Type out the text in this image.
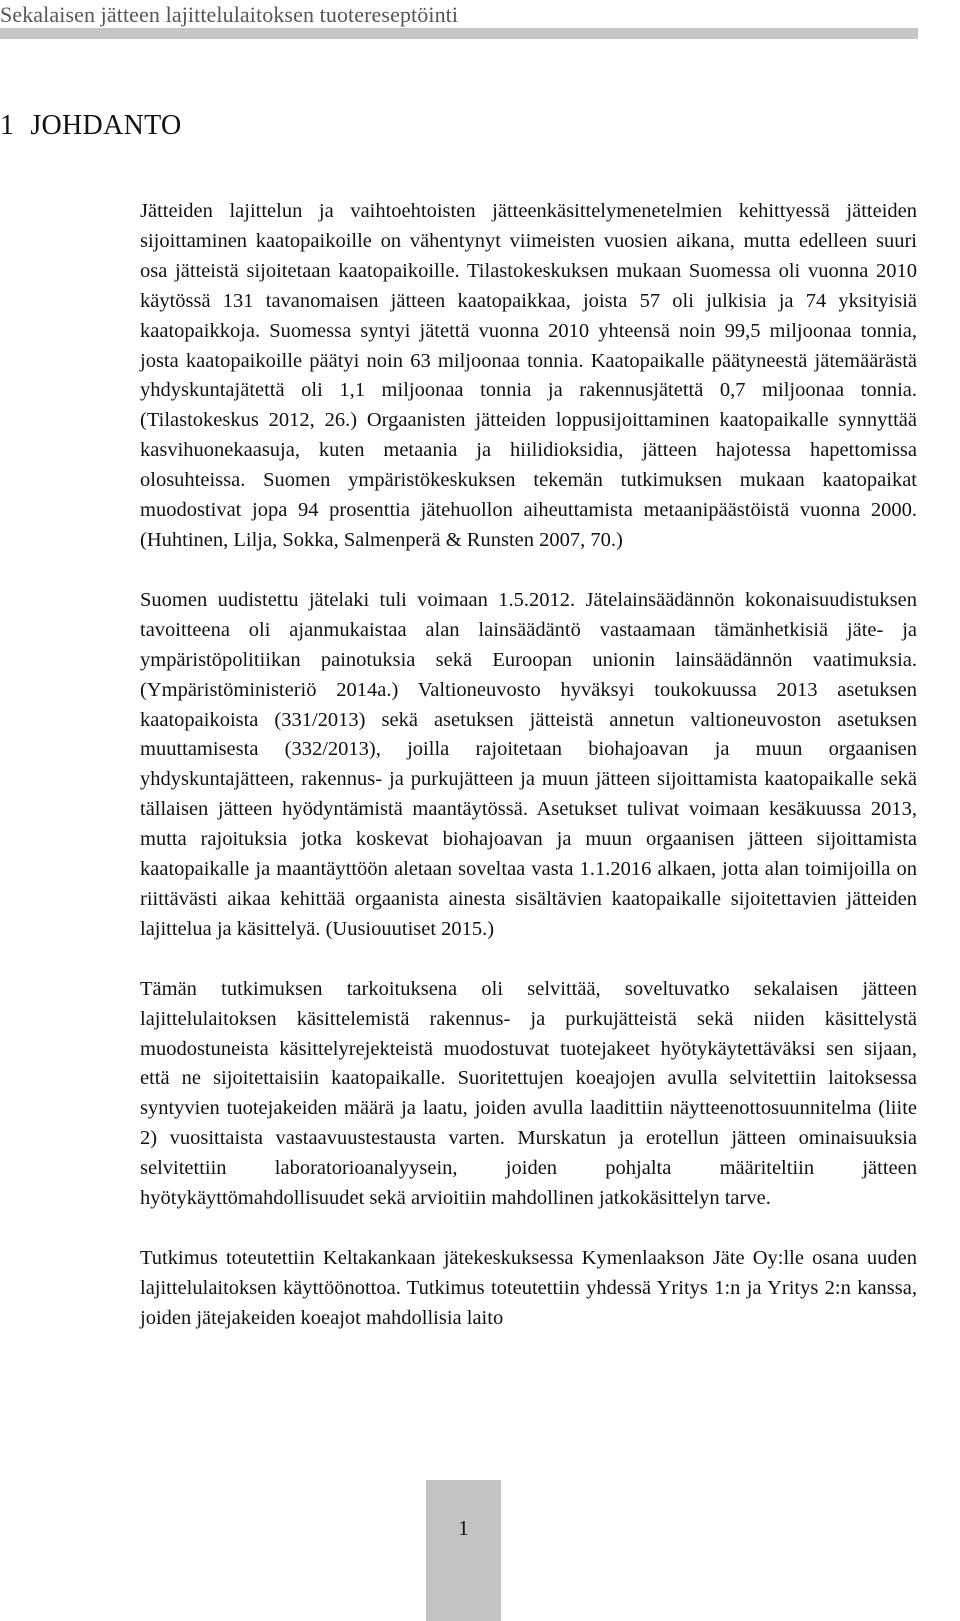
Sekalaisen jätteen lajittelulaitoksen tuotereseptöinti
1 JOHDANTO

Jätteiden lajittelun ja vaihtoehtoisten jätteenkäsittelymenetelmien kehittyessä jätteiden sijoittaminen kaatopaikoille on vähentynyt viimeisten vuosien aikana, mutta edelleen suuri osa jätteistä sijoitetaan kaatopaikoille. Tilastokeskuksen mukaan Suomessa oli vuonna 2010 käytössä 131 tavanomaisen jätteen kaatopaikkaa, joista 57 oli julkisia ja 74 yksityisiä kaatopaikkoja. Suomessa syntyi jätettä vuonna 2010 yhteensä noin 99,5 miljoonaa tonnia, josta kaatopaikoille päätyi noin 63 miljoonaa tonnia. Kaatopaikalle päätyneestä jätemäärästä yhdyskuntajätettä oli 1,1 miljoonaa tonnia ja rakennusjätettä 0,7 miljoonaa tonnia. (Tilastokeskus 2012, 26.) Orgaanisten jätteiden loppusijoittaminen kaatopaikalle synnyttää kasvihuonekaasuja, kuten metaania ja hiilidioksidia, jätteen hajotessa hapettomissa olosuhteissa. Suomen ympäristökeskuksen tekemän tutkimuksen mukaan kaatopaikat muodostivat jopa 94 prosenttia jätehuollon aiheuttamista metaanipäästöistä vuonna 2000. (Huhtinen, Lilja, Sokka, Salmenperä & Runsten 2007, 70.)

Suomen uudistettu jätelaki tuli voimaan 1.5.2012. Jätelainsäädännön kokonaisuudistuksen tavoitteena oli ajanmukaistaa alan lainsäädäntö vastaamaan tämänhetkisiä jäte- ja ympäristöpolitiikan painotuksia sekä Euroopan unionin lainsäädännön vaatimuksia. (Ympäristöministeriö 2014a.) Valtioneuvosto hyväksyi toukokuussa 2013 asetuksen kaatopaikoista (331/2013) sekä asetuksen jätteistä annetun valtioneuvoston asetuksen muuttamisesta (332/2013), joilla rajoitetaan biohajoavan ja muun orgaanisen yhdyskuntajätteen, rakennus- ja purkujätteen ja muun jätteen sijoittamista kaatopaikalle sekä tällaisen jätteen hyödyntämistä maantäytössä. Asetukset tulivat voimaan kesäkuussa 2013, mutta rajoituksia jotka koskevat biohajoavan ja muun orgaanisen jätteen sijoittamista kaatopaikalle ja maantäyttöön aletaan soveltaa vasta 1.1.2016 alkaen, jotta alan toimijoilla on riittävästi aikaa kehittää orgaanista ainesta sisältävien kaatopaikalle sijoitettavien jätteiden lajittelua ja käsittelyä. (Uusiouutiset 2015.)

Tämän tutkimuksen tarkoituksena oli selvittää, soveltuvatko sekalaisen jätteen lajittelulaitoksen käsittelemistä rakennus- ja purkujätteistä sekä niiden käsittelystä muodostuneista käsittelyrejekteistä muodostuvat tuotejakeet hyötykäytettäväksi sen sijaan, että ne sijoitettaisiin kaatopaikalle. Suoritettujen koeajojen avulla selvitettiin laitoksessa syntyvien tuotejakeiden määrä ja laatu, joiden avulla laadittiin näytteenottosuunnitelma (liite 2) vuosittaista vastaavuustestausta varten. Murskatun ja erotellun jätteen ominaisuuksia selvitettiin laboratorioanalyysein, joiden pohjalta määriteltiin jätteen hyötykäyttömahdollisuudet sekä arvioitiin mahdollinen jatkokäsittelyn tarve.

Tutkimus toteutettiin Keltakankaan jätekeskuksessa Kymenlaakson Jäte Oy:lle osana uuden lajittelulaitoksen käyttöönottoa. Tutkimus toteutettiin yhdessä Yritys 1:n ja Yritys 2:n kanssa, joiden jätejakeiden koeajot mahdollisia laito

1
